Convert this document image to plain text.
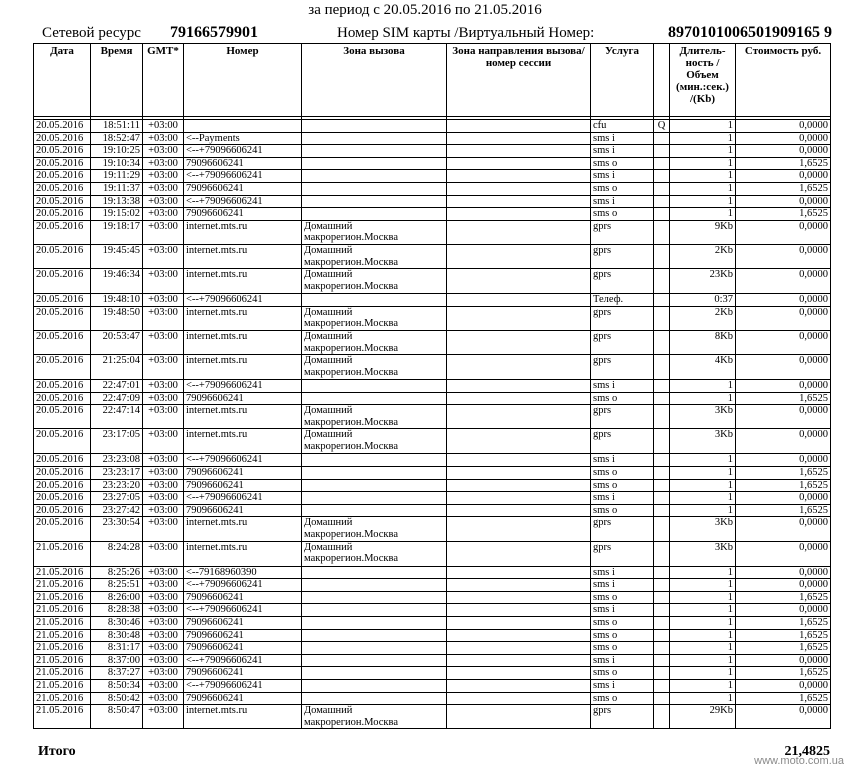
за период с 20.05.2016 по 21.05.2016
Сетевой ресурс 79166579901	Номер SIM карты /Виртуальный Номер:	8970101006501909165 9
Дата	Время	GMT*	Номер	Зона вызова	Зона направления вызова/номер сессии	Услуга		Длитель-ность /Объем (мин.:сек.) /(Kb)	Стоимость руб.

20.05.2016	18:51:11	+03:00				cfu	Q	1	0,0000
20.05.2016	18:52:47	+03:00	<--Payments			sms i		1	0,0000
20.05.2016	19:10:25	+03:00	<--+79096606241			sms i		1	0,0000
20.05.2016	19:10:34	+03:00	79096606241			sms o		1	1,6525
20.05.2016	19:11:29	+03:00	<--+79096606241			sms i		1	0,0000
20.05.2016	19:11:37	+03:00	79096606241			sms o		1	1,6525
20.05.2016	19:13:38	+03:00	<--+79096606241			sms i		1	0,0000
20.05.2016	19:15:02	+03:00	79096606241			sms o		1	1,6525
20.05.2016	19:18:17	+03:00	internet.mts.ru	Домашний
макрорегион.Москва		gprs		9Kb	0,0000
20.05.2016	19:45:45	+03:00	internet.mts.ru	Домашний
макрорегион.Москва		gprs		2Kb	0,0000
20.05.2016	19:46:34	+03:00	internet.mts.ru	Домашний
макрорегион.Москва		gprs		23Kb	0,0000
20.05.2016	19:48:10	+03:00	<--+79096606241			Телеф.		0:37	0,0000
20.05.2016	19:48:50	+03:00	internet.mts.ru	Домашний
макрорегион.Москва		gprs		2Kb	0,0000
20.05.2016	20:53:47	+03:00	internet.mts.ru	Домашний
макрорегион.Москва		gprs		8Kb	0,0000
20.05.2016	21:25:04	+03:00	internet.mts.ru	Домашний
макрорегион.Москва		gprs		4Kb	0,0000
20.05.2016	22:47:01	+03:00	<--+79096606241			sms i		1	0,0000
20.05.2016	22:47:09	+03:00	79096606241			sms o		1	1,6525
20.05.2016	22:47:14	+03:00	internet.mts.ru	Домашний
макрорегион.Москва		gprs		3Kb	0,0000
20.05.2016	23:17:05	+03:00	internet.mts.ru	Домашний
макрорегион.Москва		gprs		3Kb	0,0000
20.05.2016	23:23:08	+03:00	<--+79096606241			sms i		1	0,0000
20.05.2016	23:23:17	+03:00	79096606241			sms o		1	1,6525
20.05.2016	23:23:20	+03:00	79096606241			sms o		1	1,6525
20.05.2016	23:27:05	+03:00	<--+79096606241			sms i		1	0,0000
20.05.2016	23:27:42	+03:00	79096606241			sms o		1	1,6525
20.05.2016	23:30:54	+03:00	internet.mts.ru	Домашний
макрорегион.Москва		gprs		3Kb	0,0000
21.05.2016	8:24:28	+03:00	internet.mts.ru	Домашний
макрорегион.Москва		gprs		3Kb	0,0000
21.05.2016	8:25:26	+03:00	<--79168960390			sms i		1	0,0000
21.05.2016	8:25:51	+03:00	<--+79096606241			sms i		1	0,0000
21.05.2016	8:26:00	+03:00	79096606241			sms o		1	1,6525
21.05.2016	8:28:38	+03:00	<--+79096606241			sms i		1	0,0000
21.05.2016	8:30:46	+03:00	79096606241			sms o		1	1,6525
21.05.2016	8:30:48	+03:00	79096606241			sms o		1	1,6525
21.05.2016	8:31:17	+03:00	79096606241			sms o		1	1,6525
21.05.2016	8:37:00	+03:00	<--+79096606241			sms i		1	0,0000
21.05.2016	8:37:27	+03:00	79096606241			sms o		1	1,6525
21.05.2016	8:50:34	+03:00	<--+79096606241			sms i		1	0,0000
21.05.2016	8:50:42	+03:00	79096606241			sms o		1	1,6525
21.05.2016	8:50:47	+03:00	internet.mts.ru	Домашний
макрорегион.Москва		gprs		29Kb	0,0000
Итого	21,4825
www.moto.com.ua
